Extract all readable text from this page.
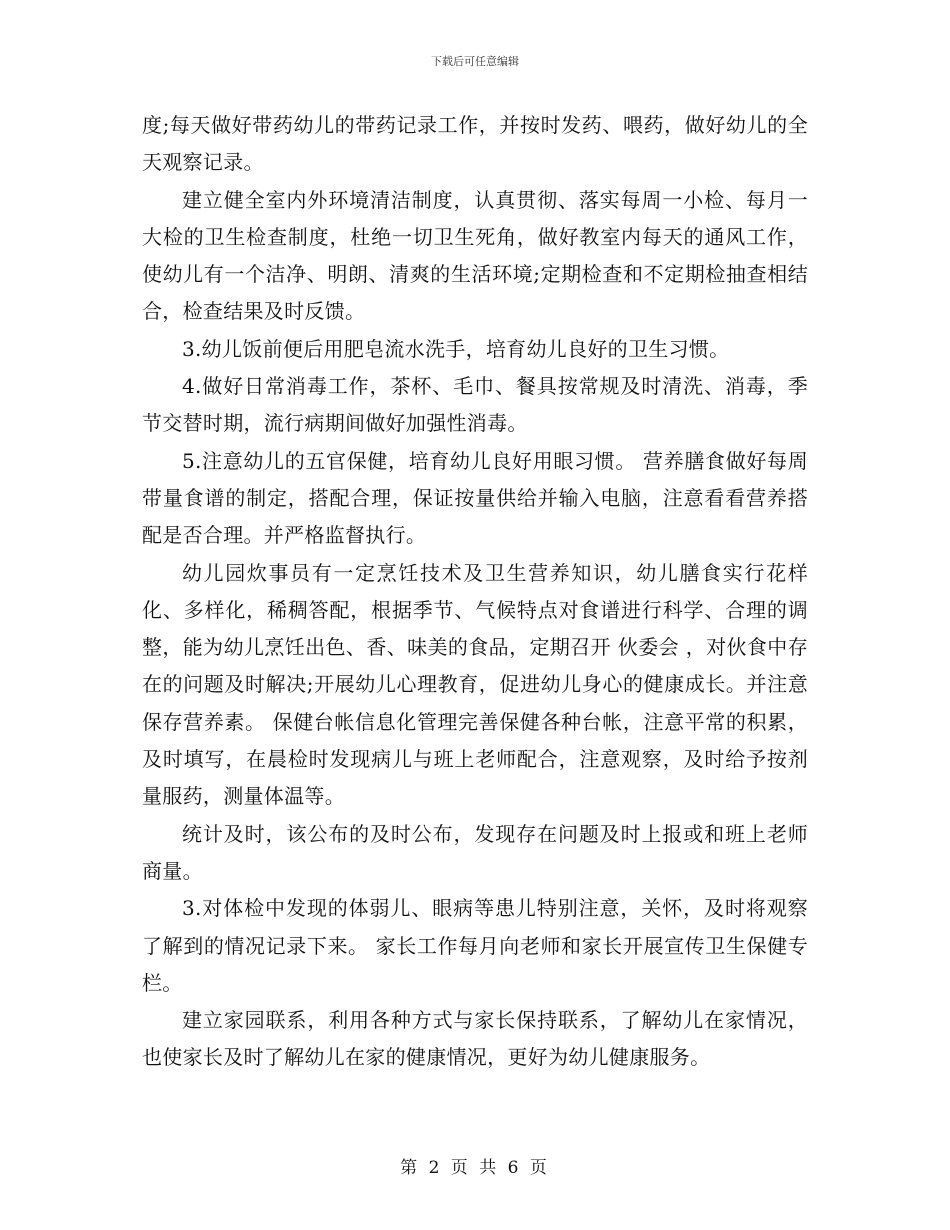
下载后可任意编辑

度;每天做好带药幼儿的带药记录工作，并按时发药、喂药，做好幼儿的全天观察记录。

建立健全室内外环境清洁制度，认真贯彻、落实每周一小检、每月一大检的卫生检查制度，杜绝一切卫生死角，做好教室内每天的通风工作，使幼儿有一个洁净、明朗、清爽的生活环境;定期检查和不定期检抽查相结合，检查结果及时反馈。

3.幼儿饭前便后用肥皂流水洗手，培育幼儿良好的卫生习惯。

4.做好日常消毒工作，茶杯、毛巾、餐具按常规及时清洗、消毒，季节交替时期，流行病期间做好加强性消毒。

5.注意幼儿的五官保健，培育幼儿良好用眼习惯。 营养膳食做好每周带量食谱的制定，搭配合理，保证按量供给并输入电脑，注意看看营养搭配是否合理。并严格监督执行。

幼儿园炊事员有一定烹饪技术及卫生营养知识，幼儿膳食实行花样化、多样化，稀稠答配，根据季节、气候特点对食谱进行科学、合理的调整，能为幼儿烹饪出色、香、味美的食品，定期召开 伙委会 ，对伙食中存在的问题及时解决;开展幼儿心理教育，促进幼儿身心的健康成长。并注意保存营养素。 保健台帐信息化管理完善保健各种台帐，注意平常的积累，及时填写，在晨检时发现病儿与班上老师配合，注意观察，及时给予按剂量服药，测量体温等。

统计及时，该公布的及时公布，发现存在问题及时上报或和班上老师商量。

3.对体检中发现的体弱儿、眼病等患儿特别注意，关怀，及时将观察了解到的情况记录下来。 家长工作每月向老师和家长开展宣传卫生保健专栏。

建立家园联系，利用各种方式与家长保持联系，了解幼儿在家情况，也使家长及时了解幼儿在家的健康情况，更好为幼儿健康服务。

第 2 页 共 6 页
